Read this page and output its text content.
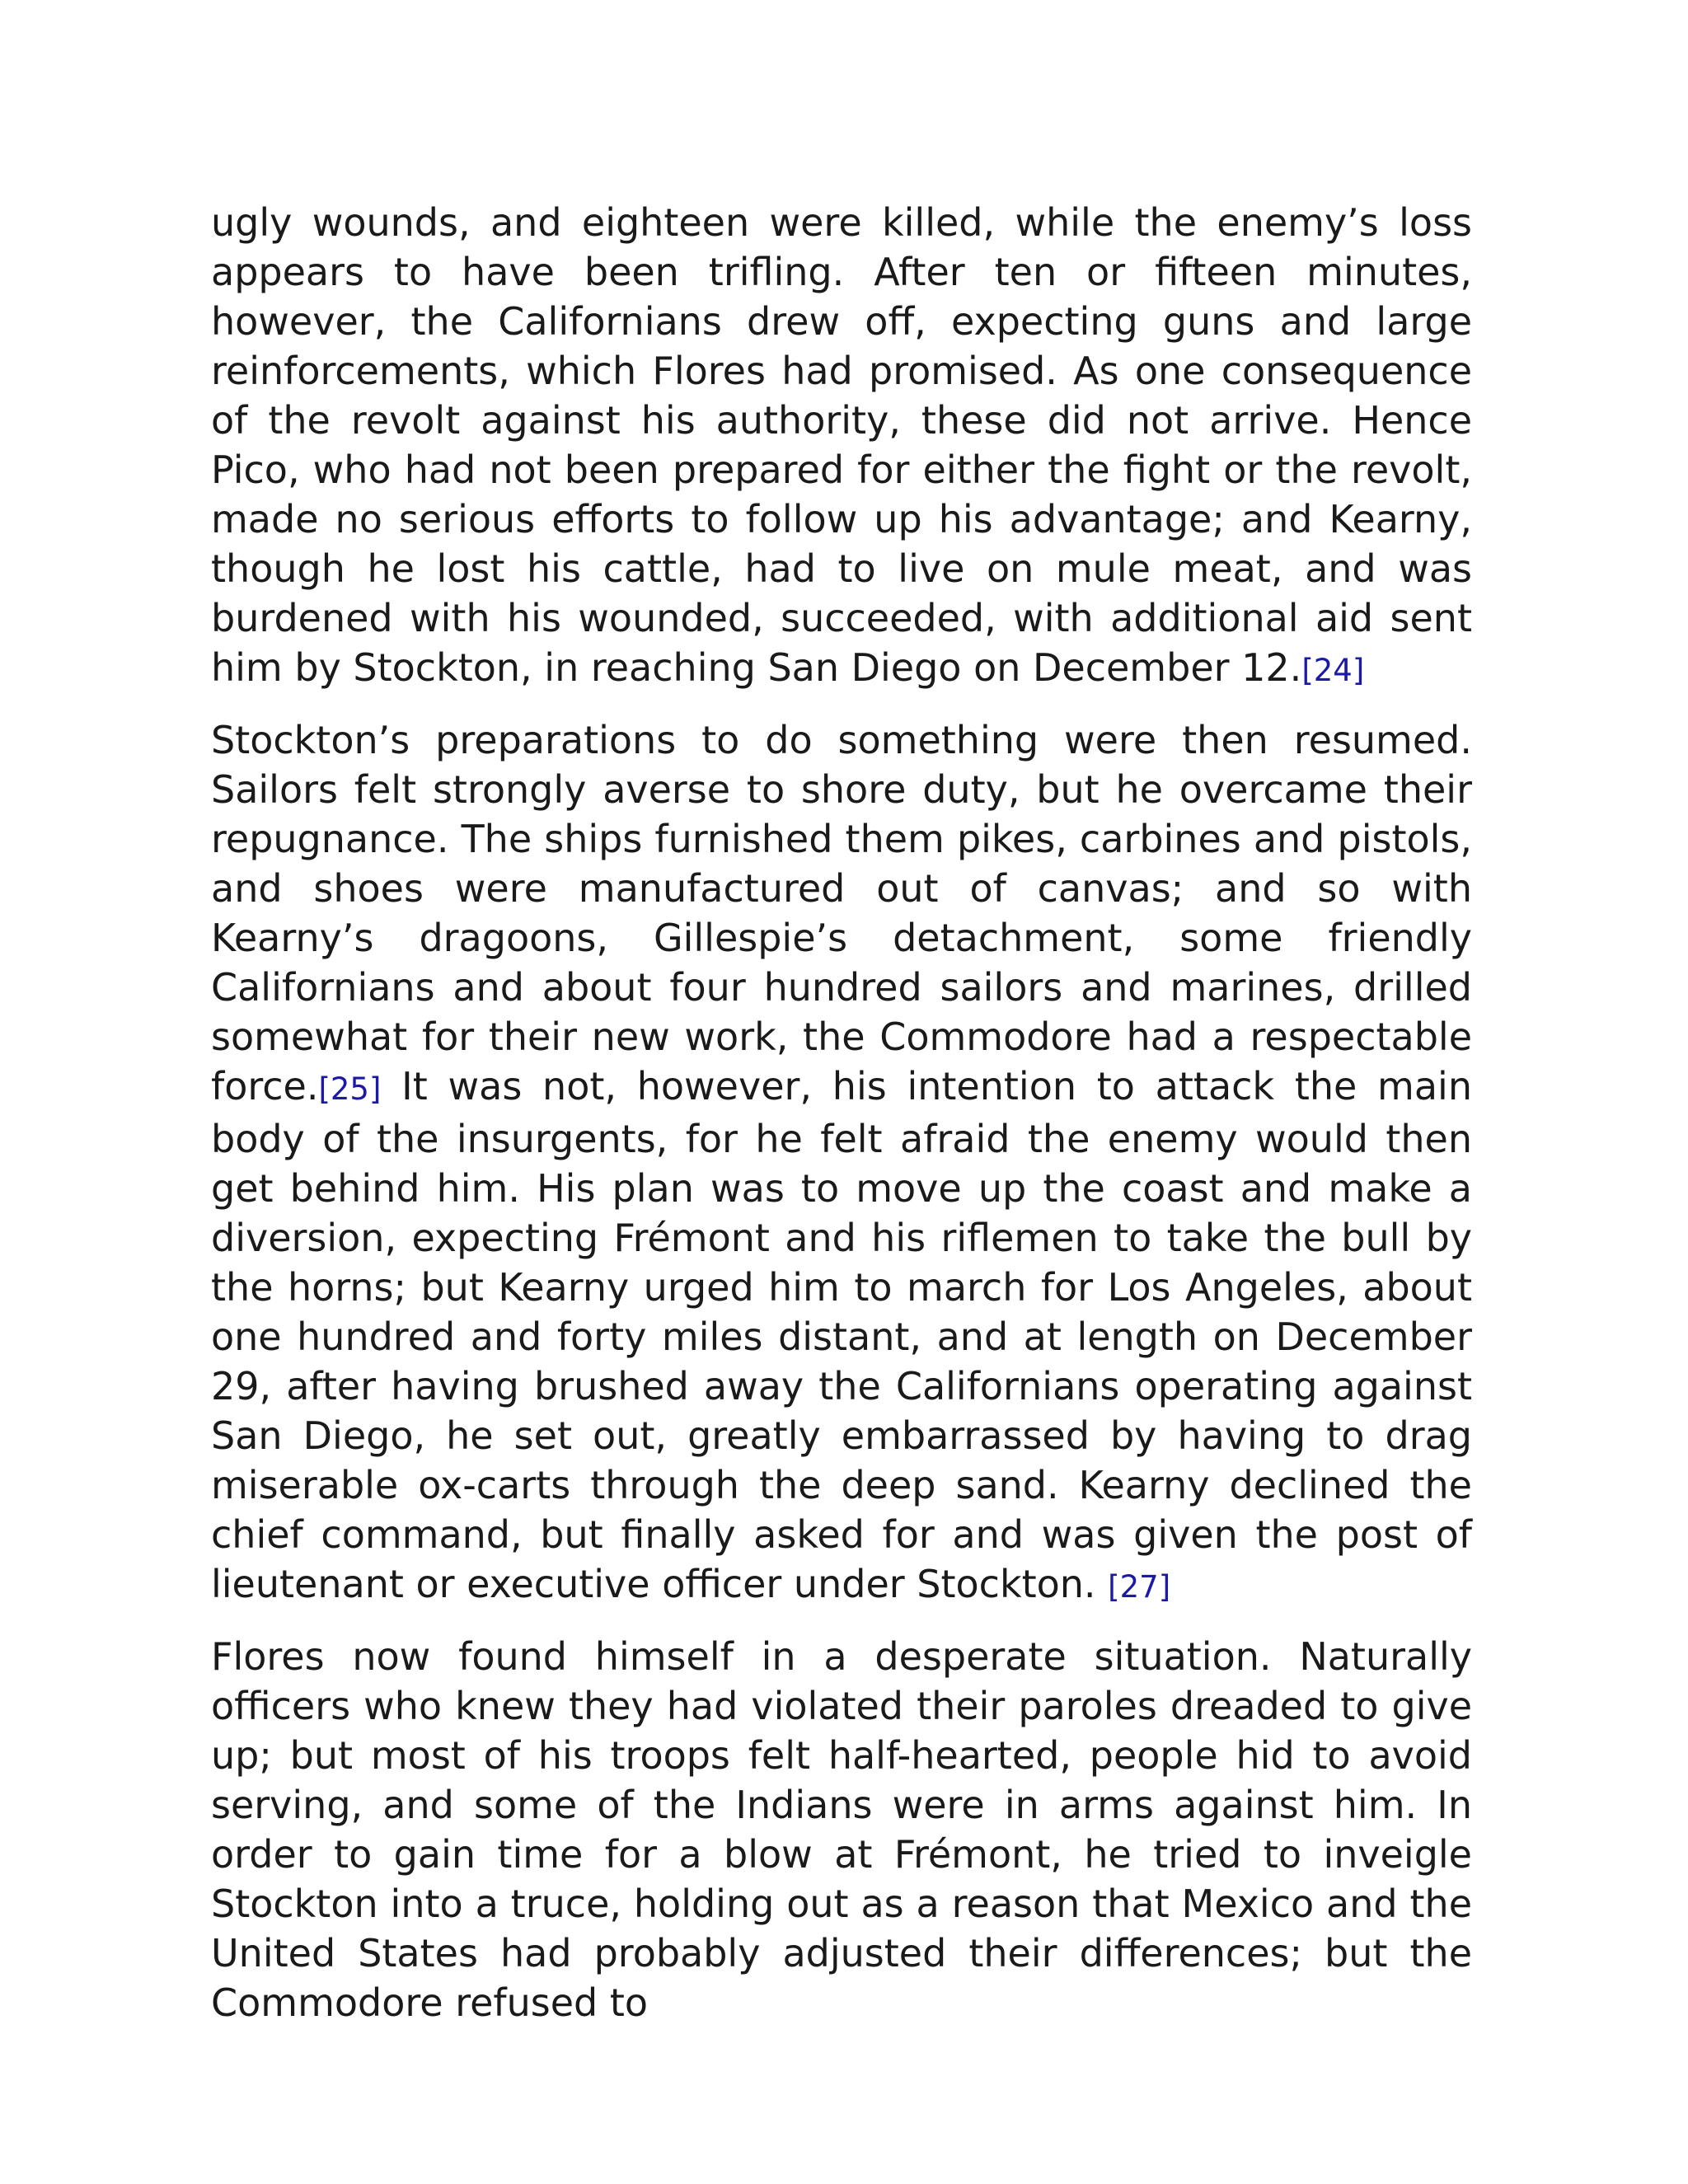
ugly wounds, and eighteen were killed, while the enemy’s loss appears to have been trifling. After ten or fifteen minutes, however, the Californians drew off, expecting guns and large reinforcements, which Flores had promised. As one consequence of the revolt against his authority, these did not arrive. Hence Pico, who had not been prepared for either the fight or the revolt, made no serious efforts to follow up his advantage; and Kearny, though he lost his cattle, had to live on mule meat, and was burdened with his wounded, succeeded, with additional aid sent him by Stockton, in reaching San Diego on December 12.[24]

Stockton’s preparations to do something were then resumed. Sailors felt strongly averse to shore duty, but he overcame their repugnance. The ships furnished them pikes, carbines and pistols, and shoes were manufactured out of canvas; and so with Kearny’s dragoons, Gillespie’s detachment, some friendly Californians and about four hundred sailors and marines, drilled somewhat for their new work, the Commodore had a respectable force.[25] It was not, however, his intention to attack the main body of the insurgents, for he felt afraid the enemy would then get behind him. His plan was to move up the coast and make a diversion, expecting Frémont and his riflemen to take the bull by the horns; but Kearny urged him to march for Los Angeles, about one hundred and forty miles distant, and at length on December 29, after having brushed away the Californians operating against San Diego, he set out, greatly embarrassed by having to drag miserable ox-carts through the deep sand. Kearny declined the chief command, but finally asked for and was given the post of lieutenant or executive officer under Stockton. [27]

Flores now found himself in a desperate situation. Naturally officers who knew they had violated their paroles dreaded to give up; but most of his troops felt half-hearted, people hid to avoid serving, and some of the Indians were in arms against him. In order to gain time for a blow at Frémont, he tried to inveigle Stockton into a truce, holding out as a reason that Mexico and the United States had probably adjusted their differences; but the Commodore refused to
